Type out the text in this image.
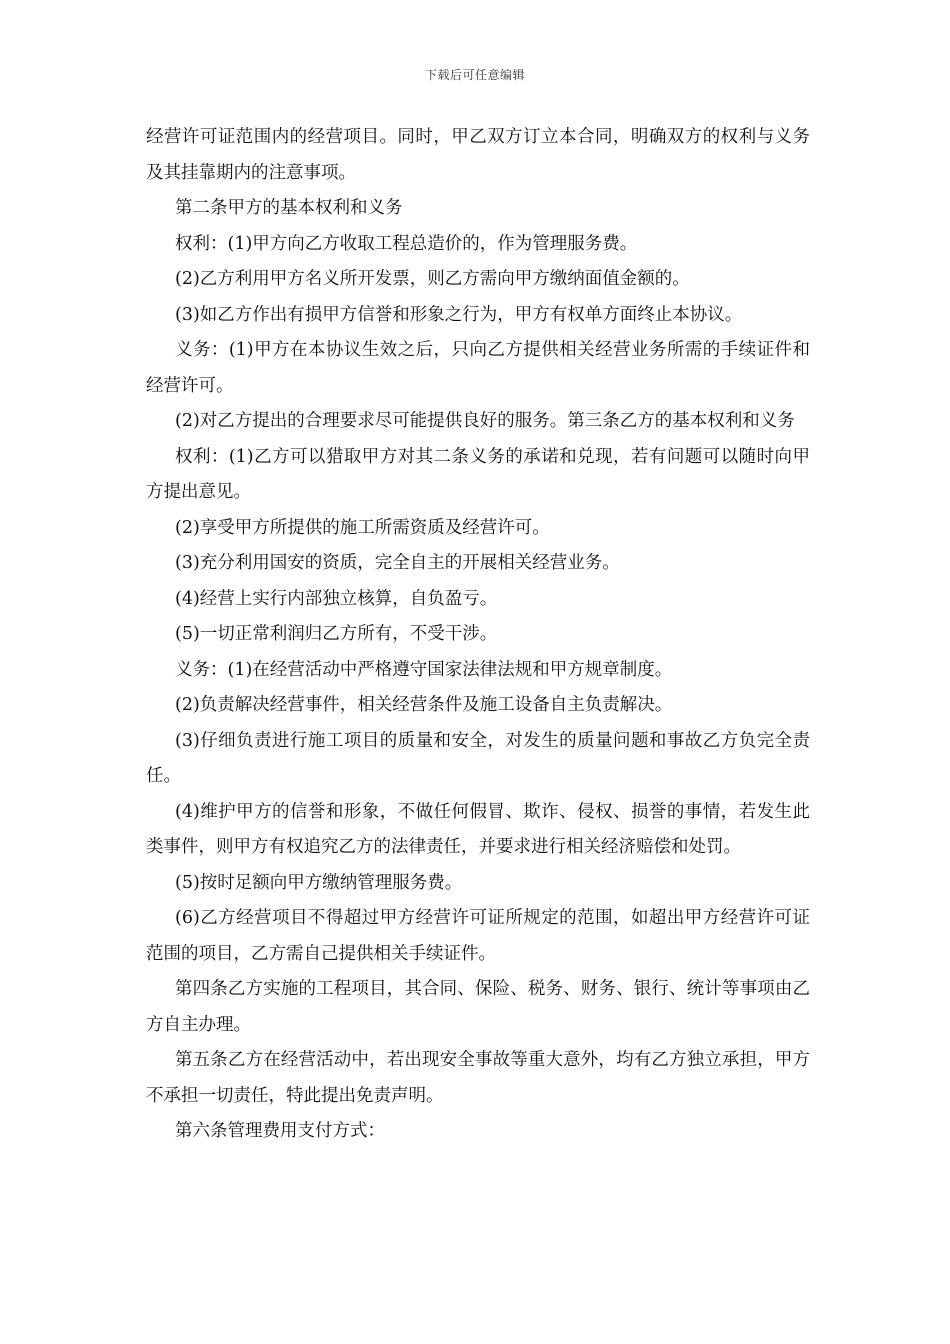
下载后可任意编辑

经营许可证范围内的经营项目。同时，甲乙双方订立本合同，明确双方的权利与义务及其挂靠期内的注意事项。

第二条甲方的基本权利和义务

权利：(1)甲方向乙方收取工程总造价的，作为管理服务费。

(2)乙方利用甲方名义所开发票，则乙方需向甲方缴纳面值金额的。

(3)如乙方作出有损甲方信誉和形象之行为，甲方有权单方面终止本协议。

义务：(1)甲方在本协议生效之后，只向乙方提供相关经营业务所需的手续证件和经营许可。

(2)对乙方提出的合理要求尽可能提供良好的服务。第三条乙方的基本权利和义务

权利：(1)乙方可以猎取甲方对其二条义务的承诺和兑现，若有问题可以随时向甲方提出意见。

(2)享受甲方所提供的施工所需资质及经营许可。

(3)充分利用国安的资质，完全自主的开展相关经营业务。

(4)经营上实行内部独立核算，自负盈亏。

(5)一切正常利润归乙方所有，不受干涉。

义务：(1)在经营活动中严格遵守国家法律法规和甲方规章制度。

(2)负责解决经营事件，相关经营条件及施工设备自主负责解决。

(3)仔细负责进行施工项目的质量和安全，对发生的质量问题和事故乙方负完全责任。

(4)维护甲方的信誉和形象，不做任何假冒、欺诈、侵权、损誉的事情，若发生此类事件，则甲方有权追究乙方的法律责任，并要求进行相关经济赔偿和处罚。

(5)按时足额向甲方缴纳管理服务费。

(6)乙方经营项目不得超过甲方经营许可证所规定的范围，如超出甲方经营许可证范围的项目，乙方需自己提供相关手续证件。

第四条乙方实施的工程项目，其合同、保险、税务、财务、银行、统计等事项由乙方自主办理。

第五条乙方在经营活动中，若出现安全事故等重大意外，均有乙方独立承担，甲方不承担一切责任，特此提出免责声明。

第六条管理费用支付方式：
